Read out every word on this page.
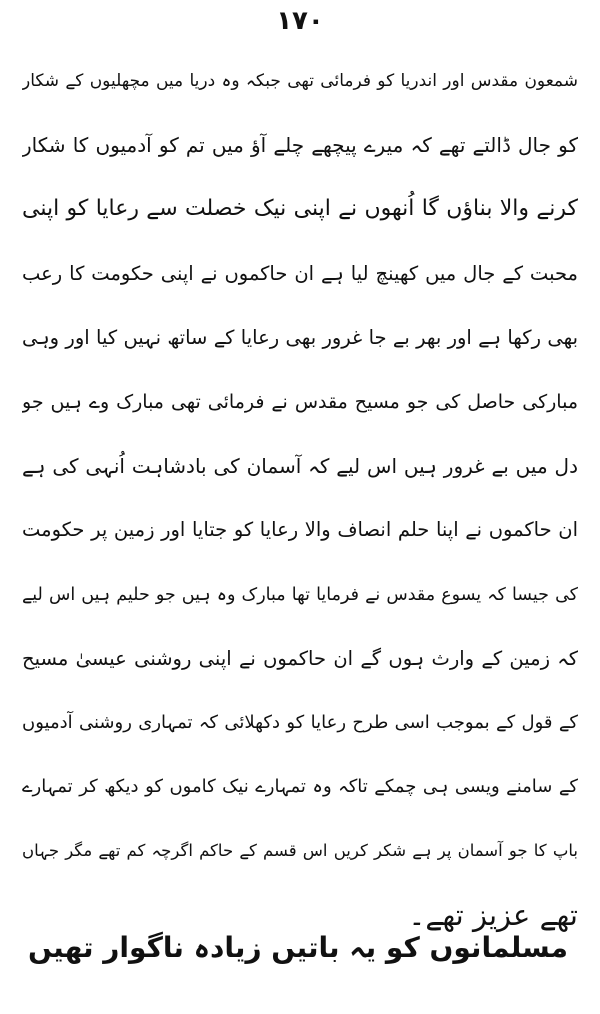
۱۷۰
شمعون مقدس اور اندریا کو فرمائی تھی جبکہ وہ دریا میں مچھلیوں کے شکار
کو جال ڈالتے تھے کہ میرے پیچھے چلے آؤ میں تم کو آدمیوں کا شکار
کرنے والا بناؤں گا اُنھوں نے اپنی نیک خصلت سے رعایا کو اپنی
محبت کے جال میں کھینچ لیا ہے ان حاکموں نے اپنی حکومت کا رعب
بھی رکھا ہے اور بھر بے جا غرور بھی رعایا کے ساتھ نہیں کیا اور وہی
مبارکی حاصل کی جو مسیح مقدس نے فرمائی تھی مبارک وے ہیں جو
دل میں بے غرور ہیں اس لیے کہ آسمان کی بادشاہت اُنہی کی ہے
ان حاکموں نے اپنا حلم انصاف والا رعایا کو جتایا اور زمین پر حکومت
کی جیسا کہ یسوع مقدس نے فرمایا تھا مبارک وہ ہیں جو حلیم ہیں اس لیے
کہ زمین کے وارث ہوں گے ان حاکموں نے اپنی روشنی عیسیٰ مسیح
کے قول کے بموجب اسی طرح رعایا کو دکھلائی کہ تمہاری روشنی آدمیوں
کے سامنے ویسی ہی چمکے تاکہ وہ تمہارے نیک کاموں کو دیکھ کر تمہارے
باپ کا جو آسمان پر ہے شکر کریں اس قسم کے حاکم اگرچہ کم تھے مگر جہاں
تھے عزیز تھے۔
مسلمانوں کو یہ باتیں زیادہ ناگوار تھیں
